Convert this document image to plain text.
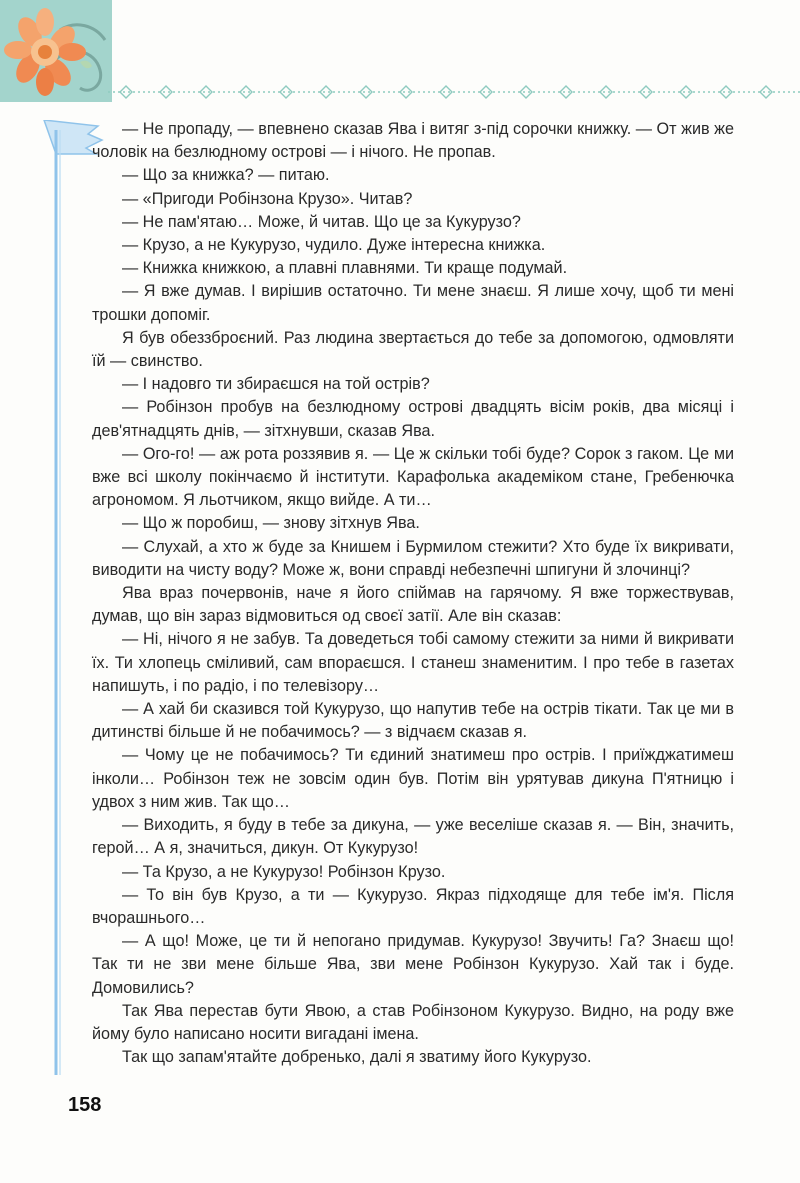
— Не пропаду, — впевнено сказав Ява і витяг з-під сорочки книжку. — От жив же чоловік на безлюдному острові — і нічого. Не пропав.

— Що за книжка? — питаю.

— «Пригоди Робінзона Крузо». Читав?

— Не пам'ятаю… Може, й читав. Що це за Кукурузо?

— Крузо, а не Кукурузо, чудило. Дуже інтересна книжка.

— Книжка книжкою, а плавні плавнями. Ти краще подумай.

— Я вже думав. І вирішив остаточно. Ти мене знаєш. Я лише хочу, щоб ти мені трошки допоміг.

Я був обеззброєний. Раз людина звертається до тебе за допомогою, одмовляти їй — свинство.

— І надовго ти збираєшся на той острів?

— Робінзон пробув на безлюдному острові двадцять вісім років, два місяці і дев'ятнадцять днів, — зітхнувши, сказав Ява.

— Ого-го! — аж рота роззявив я. — Це ж скільки тобі буде? Сорок з гаком. Це ми вже всі школу покінчаємо й інститути. Карафолька академіком стане, Гребенючка агрономом. Я льотчиком, якщо вийде. А ти…

— Що ж поробиш, — знову зітхнув Ява.

— Слухай, а хто ж буде за Книшем і Бурмилом стежити? Хто буде їх викривати, виводити на чисту воду? Може ж, вони справді небезпечні шпигуни й злочинці?

Ява враз почервонів, наче я його спіймав на гарячому. Я вже торжествував, думав, що він зараз відмовиться од своєї затії. Але він сказав:

— Ні, нічого я не забув. Та доведеться тобі самому стежити за ними й викривати їх. Ти хлопець сміливий, сам впораєшся. І станеш знаменитим. І про тебе в газетах напишуть, і по радіо, і по телевізору…

— А хай би сказився той Кукурузо, що напутив тебе на острів тікати. Так це ми в дитинстві більше й не побачимось? — з відчаєм сказав я.

— Чому це не побачимось? Ти єдиний знатимеш про острів. І приїжджатимеш інколи… Робінзон теж не зовсім один був. Потім він урятував дикуна П'ятницю і удвох з ним жив. Так що…

— Виходить, я буду в тебе за дикуна, — уже веселіше сказав я. — Він, значить, герой… А я, значиться, дикун. От Кукурузо!

— Та Крузо, а не Кукурузо! Робінзон Крузо.

— То він був Крузо, а ти — Кукурузо. Якраз підходяще для тебе ім'я. Після вчорашнього…

— А що! Може, це ти й непогано придумав. Кукурузо! Звучить! Га? Знаєш що! Так ти не зви мене більше Ява, зви мене Робінзон Кукурузо. Хай так і буде. Домовились?

Так Ява перестав бути Явою, а став Робінзоном Кукурузо. Видно, на роду вже йому було написано носити вигадані імена.

Так що запам'ятайте добренько, далі я зватиму його Кукурузо.

158
